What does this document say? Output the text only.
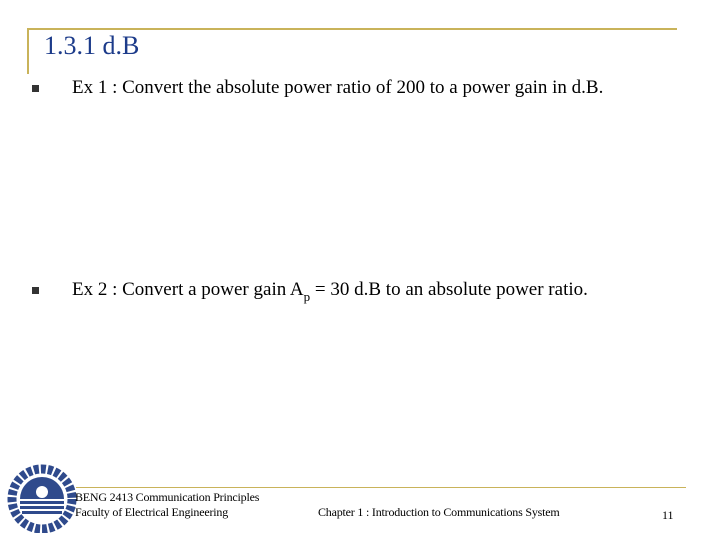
1.3.1 d.B
Ex 1 : Convert the absolute power ratio of 200 to a power gain in d.B.
Ex 2 : Convert a power gain $A_p = 30$ d.B to an absolute power ratio.
BENG 2413 Communication Principles
Faculty of Electrical Engineering	Chapter 1 : Introduction to Communications System	11
